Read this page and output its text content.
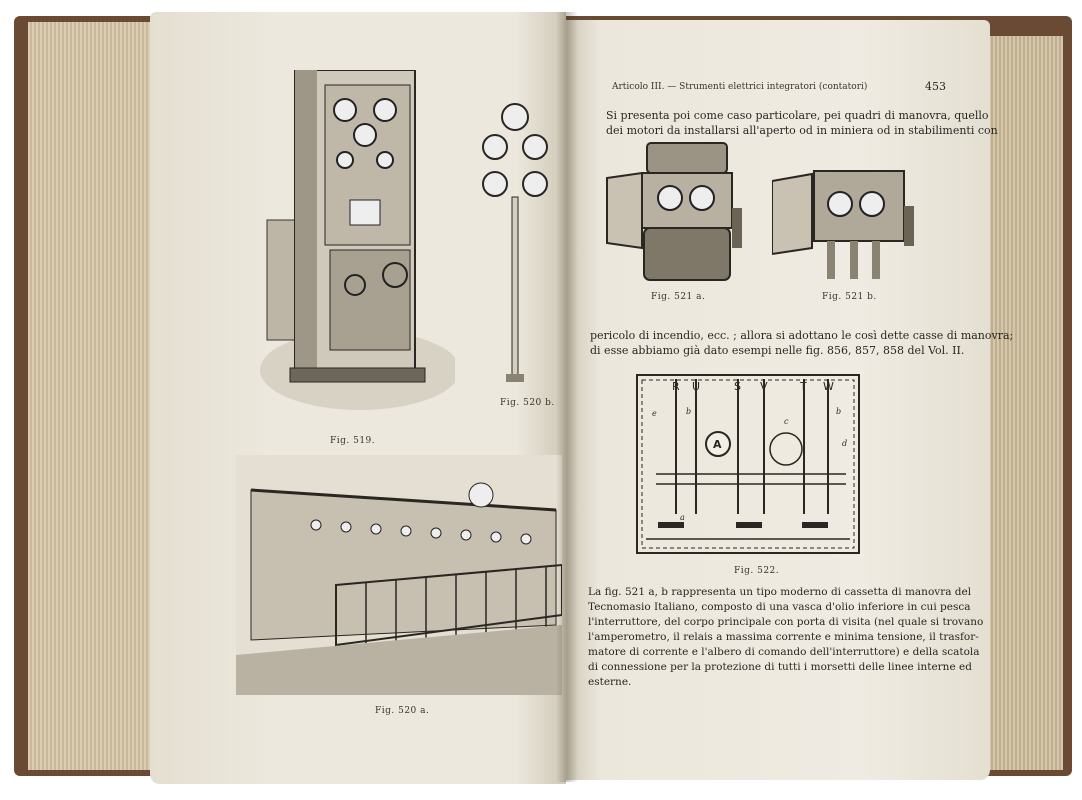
Fig. 519.
Fig. 520 b.
Fig. 520 a.
Articolo III. — Strumenti elettrici integratori (contatori)	453
Si presenta poi come caso particolare, pei quadri di manovra, quello
dei motori da installarsi all'aperto od in miniera od in stabilimenti con
Fig. 521 a.	Fig. 521 b.
pericolo di incendio, ecc. ; allora si adottano le così dette casse di manovra;
di esse abbiamo già dato esempi nelle fig. 856, 857, 858 del Vol. II.
R U	S V	T W
A
e	b
c
b
d
a
Fig. 522.
La fig. 521 a, b rappresenta un tipo moderno di cassetta di manovra del
Tecnomasio Italiano, composto di una vasca d'olio inferiore in cui pesca
l'interruttore, del corpo principale con porta di visita (nel quale si trovano
l'amperometro, il relais a massima corrente e minima tensione, il trasfor-
matore di corrente e l'albero di comando dell'interruttore) e della scatola
di connessione per la protezione di tutti i morsetti delle linee interne ed
esterne.
